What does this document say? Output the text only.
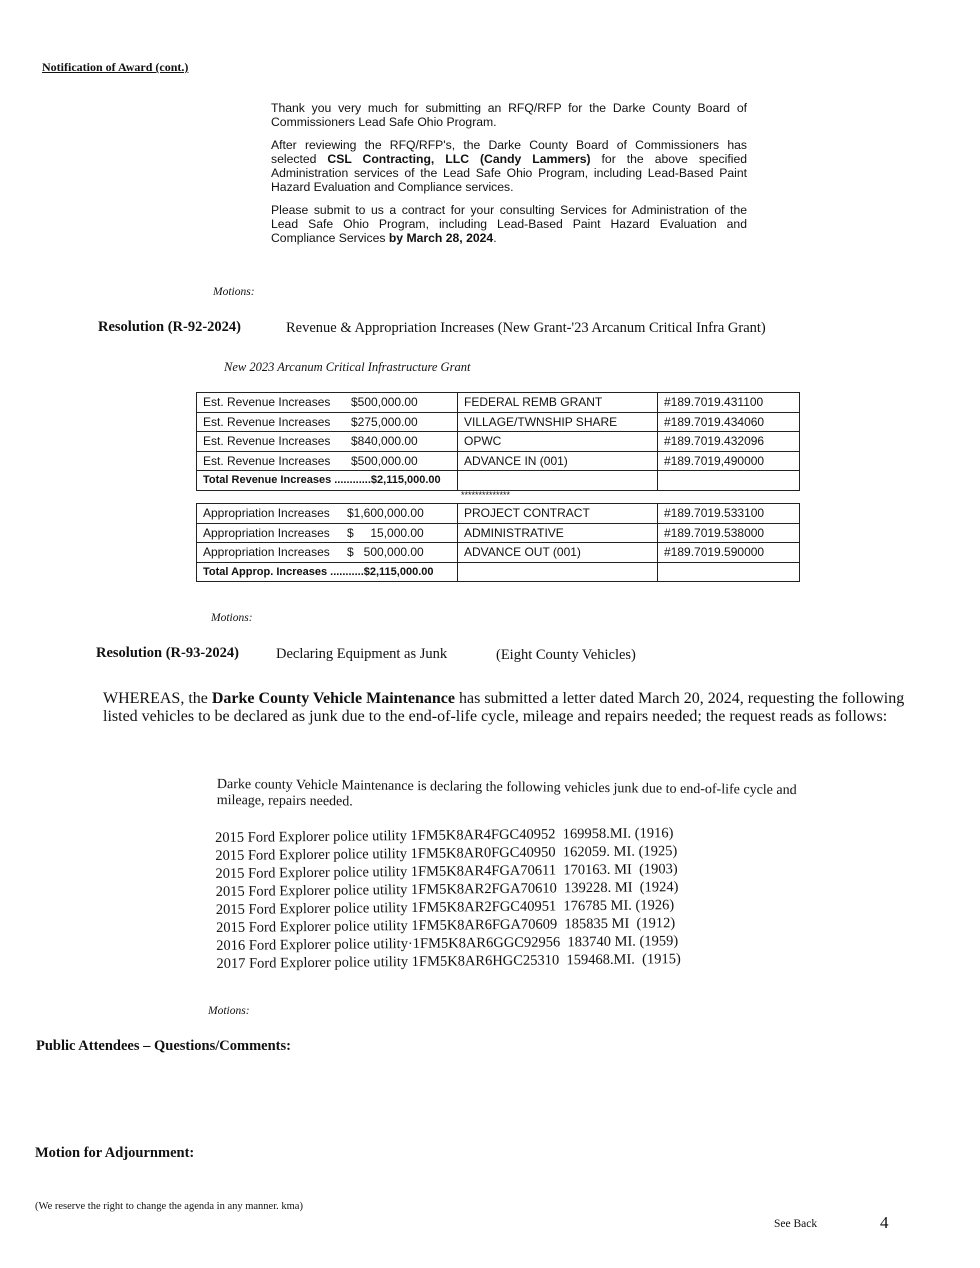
Notification of Award (cont.)

Thank you very much for submitting an RFQ/RFP for the Darke County Board of Commissioners Lead Safe Ohio Program.

After reviewing the RFQ/RFP's, the Darke County Board of Commissioners has selected CSL Contracting, LLC (Candy Lammers) for the above specified Administration services of the Lead Safe Ohio Program, including Lead-Based Paint Hazard Evaluation and Compliance services.

Please submit to us a contract for your consulting Services for Administration of the Lead Safe Ohio Program, including Lead-Based Paint Hazard Evaluation and Compliance Services by March 28, 2024.

Motions:
Resolution (R-92-2024)	Revenue & Appropriation Increases (New Grant-'23 Arcanum Critical Infra Grant)
New 2023 Arcanum Critical Infrastructure Grant
Est. Revenue Increases $500,000.00	FEDERAL REMB GRANT	#189.7019.431100
Est. Revenue Increases $275,000.00	VILLAGE/TWNSHIP SHARE	#189.7019.434060
Est. Revenue Increases $840,000.00	OPWC	#189.7019.432096
Est. Revenue Increases $500,000.00	ADVANCE IN (001)	#189.7019,490000
Total Revenue Increases ............$2,115,000.00		
**************
Appropriation Increases $1,600,000.00	PROJECT CONTRACT	#189.7019.533100
Appropriation Increases $     15,000.00	ADMINISTRATIVE	#189.7019.538000
Appropriation Increases $   500,000.00	ADVANCE OUT (001)	#189.7019.590000
Total Approp. Increases ...........$2,115,000.00		
Motions:
Resolution (R-93-2024)	Declaring Equipment as Junk	(Eight County Vehicles)
WHEREAS, the Darke County Vehicle Maintenance has submitted a letter dated March 20, 2024, requesting the following listed vehicles to be declared as junk due to the end-of-life cycle, mileage and repairs needed; the request reads as follows:
Darke county Vehicle Maintenance is declaring the following vehicles junk due to end-of-life cycle and mileage, repairs needed.
2015 Ford Explorer police utility 1FM5K8AR4FGC40952  169958.MI. (1916)
2015 Ford Explorer police utility 1FM5K8AR0FGC40950  162059. MI. (1925)
2015 Ford Explorer police utility 1FM5K8AR4FGA70611  170163. MI  (1903)
2015 Ford Explorer police utility 1FM5K8AR2FGA70610  139228. MI  (1924)
2015 Ford Explorer police utility 1FM5K8AR2FGC40951  176785 MI. (1926)
2015 Ford Explorer police utility 1FM5K8AR6FGA70609  185835 MI  (1912)
2016 Ford Explorer police utility·1FM5K8AR6GGC92956  183740 MI. (1959)
2017 Ford Explorer police utility 1FM5K8AR6HGC25310  159468.MI.  (1915)
Motions:
Public Attendees – Questions/Comments:
Motion for Adjournment:
(We reserve the right to change the agenda in any manner. kma)
See Back	4
